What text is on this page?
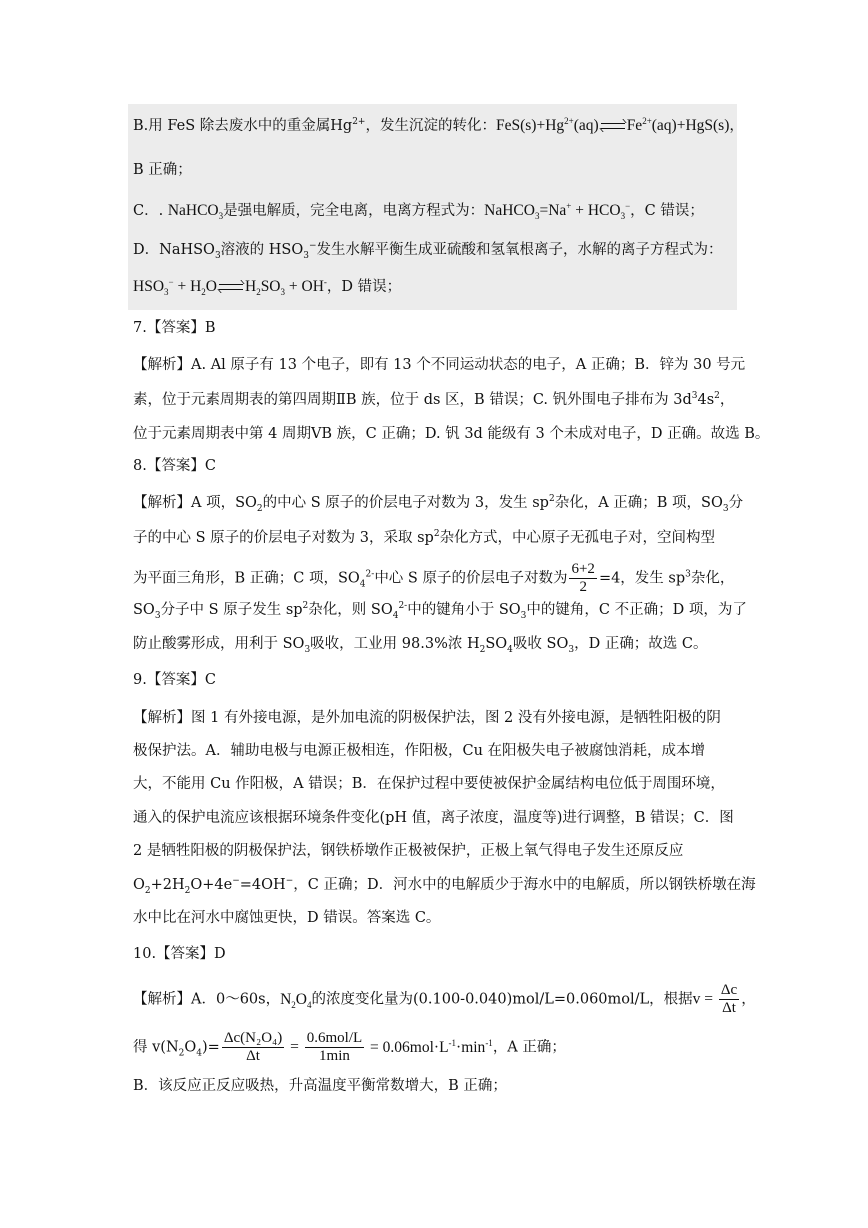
B.用 FeS 除去废水中的重金属$Hg^{2+}$，发生沉淀的转化：$FeS(s)+Hg^{2+}(aq)$ $Fe^{2+}(aq)+HgS(s)$，
B 正确；
C．. NaHCO$_3$是强电解质，完全电离，电离方程式为：NaHCO$_3$=Na+ + $HCO_3^-$，C 错误；
D．NaHSO$_3$溶液的 $HSO_3^-$发生水解平衡生成亚硫酸和氢氧根离子，水解的离子方程式为：
$HSO_3^- + H_2O$ $H_2SO_3 + OH^-$，D 错误；
7.【答案】B
【解析】A. Al 原子有 13 个电子，即有 13 个不同运动状态的电子，A 正确；B．锌为 30 号元
素，位于元素周期表的第四周期ⅡB 族，位于 ds 区，B 错误；C. 钒外围电子排布为 $3d^34s^2$，
位于元素周期表中第 4 周期ⅤB 族，C 正确；D. 钒 3d 能级有 3 个未成对电子，D 正确。故选 B。
8.【答案】C
【解析】A 项，$SO_2$的中心 S 原子的价层电子对数为 3，发生 $sp^2$杂化，A 正确；B 项，$SO_3$分
子的中心 S 原子的价层电子对数为 3，采取 $sp^2$杂化方式，中心原子无孤电子对，空间构型
为平面三角形，B 正确；C 项，$SO_4^{2-}$中心 S 原子的价层电子对数为 $\frac{6+2}{2} =4$，发生 $sp^3$杂化，
$SO_3$分子中 S 原子发生 $sp^2$杂化，则 $SO_4^{2-}$中的键角小于 $SO_3$中的键角，C 不正确；D 项，为了
防止酸雾形成，用利于 $SO_3$吸收，工业用 98.3%浓 $H_2SO_4$吸收 $SO_3$，D 正确；故选 C。
9.【答案】C
【解析】图 1 有外接电源，是外加电流的阴极保护法，图 2 没有外接电源，是牺牲阳极的阴
极保护法。A．辅助电极与电源正极相连，作阳极，Cu 在阳极失电子被腐蚀消耗，成本增
大，不能用 Cu 作阳极，A 错误；B．在保护过程中要使被保护金属结构电位低于周围环境，
通入的保护电流应该根据环境条件变化(pH 值，离子浓度，温度等)进行调整，B 错误；C．图
2 是牺牲阳极的阴极保护法，钢铁桥墩作正极被保护，正极上氧气得电子发生还原反应
$O_2+2H_2O+4e^-=4OH^-$，C 正确；D．河水中的电解质少于海水中的电解质，所以钢铁桥墩在海
水中比在河水中腐蚀更快，D 错误。答案选 C。
10.【答案】D
【解析】A．0～60s，$N_2O_4$的浓度变化量为(0.100-0.040)mol/L=0.060mol/L，根据$v = \frac{\Delta c}{\Delta t}$ ，
得 $v(N_2O_4)= \frac{\text{Δc(N₂O₄)}}{\Delta t} = \frac{\text{0.6mol/L}}{1\min} = 0.06mol\cdot L^{-1}\cdot\min^{-1}$，A 正确；
B．该反应正反应吸热，升高温度平衡常数增大，B 正确；
